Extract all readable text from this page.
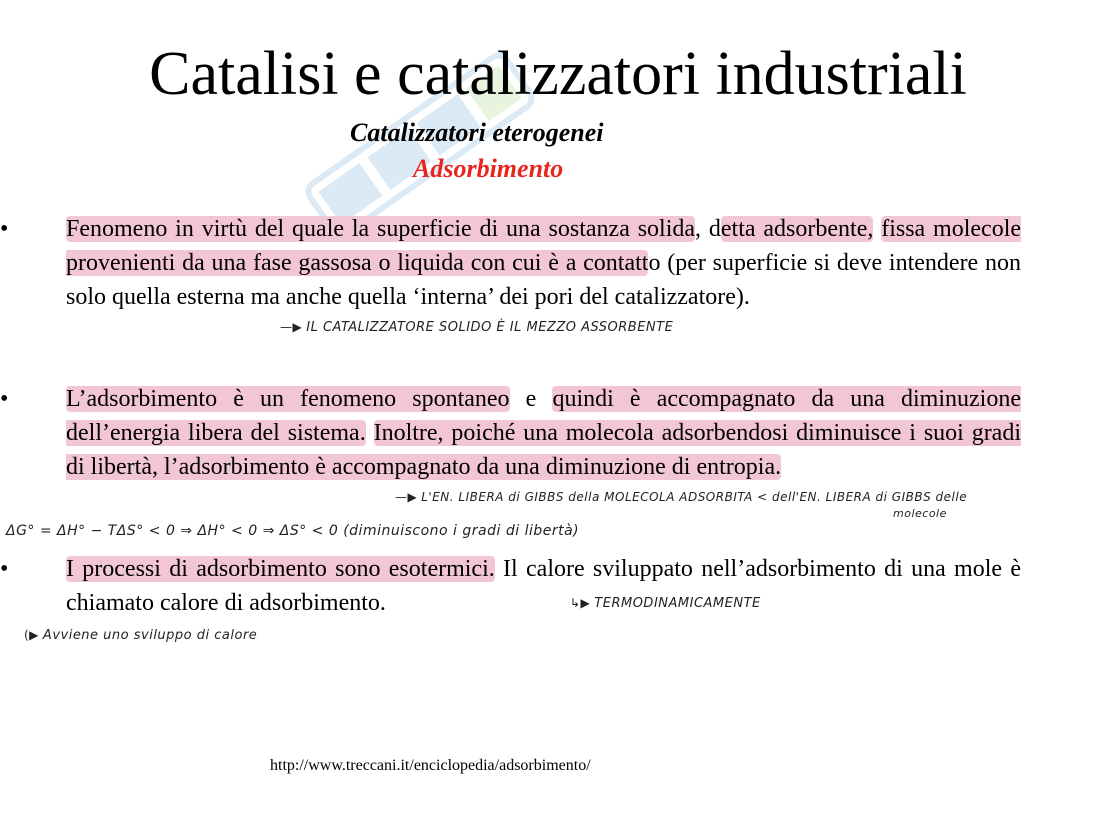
Catalisi e catalizzatori industriali
Catalizzatori eterogenei
Adsorbimento
• Fenomeno in virtù del quale la superficie di una sostanza solida, detta adsorbente, fissa molecole provenienti da una fase gassosa o liquida con cui è a contatto (per superficie si deve intendere non solo quella esterna ma anche quella ‘interna’ dei pori del catalizzatore).
—▶ IL CATALIZZATORE SOLIDO È IL MEZZO ASSORBENTE
• L’adsorbimento è un fenomeno spontaneo e quindi è accompagnato da una diminuzione dell’energia libera del sistema. Inoltre, poiché una molecola adsorbendosi diminuisce i suoi gradi di libertà, l’adsorbimento è accompagnato da una diminuzione di entropia.
—▶ L'EN. LIBERA di GIBBS della MOLECOLA ADSORBITA < dell'EN. LIBERA di GIBBS delle
molecole
ΔG° = ΔH° − TΔS° < 0 ⇒ ΔH° < 0 ⇒ ΔS° < 0 (diminuiscono i gradi di libertà)
• I processi di adsorbimento sono esotermici. Il calore sviluppato nell’adsorbimento di una mole è chiamato calore di adsorbimento.	↳▶ TERMODINAMICAMENTE
(▶ Avviene uno sviluppo di calore
http://www.treccani.it/enciclopedia/adsorbimento/
